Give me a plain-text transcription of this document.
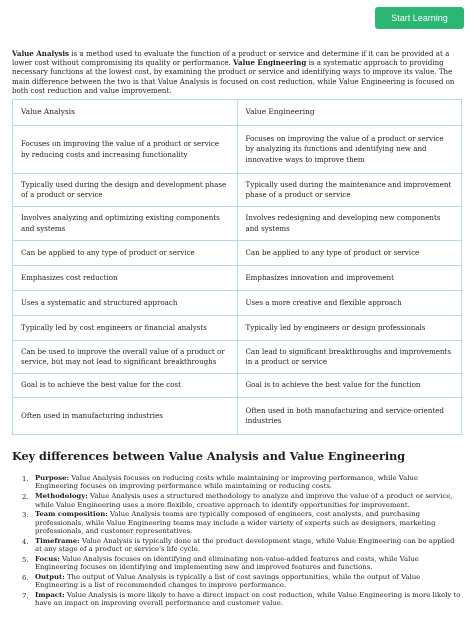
Start Learning

Value Analysis is a method used to evaluate the function of a product or service and determine if it can be provided at a lower cost without compromising its quality or performance. Value Engineering is a systematic approach to providing necessary functions at the lowest cost, by examining the product or service and identifying ways to improve its value. The main difference between the two is that Value Analysis is focused on cost reduction, while Value Engineering is focused on both cost reduction and value improvement.

Value Analysis	Value Engineering
Focuses on improving the value of a product or service by reducing costs and increasing functionality	Focuses on improving the value of a product or service by analyzing its functions and identifying new and innovative ways to improve them
Typically used during the design and development phase of a product or service	Typically used during the maintenance and improvement phase of a product or service
Involves analyzing and optimizing existing components and systems	Involves redesigning and developing new components and systems
Can be applied to any type of product or service	Can be applied to any type of product or service
Emphasizes cost reduction	Emphasizes innovation and improvement
Uses a systematic and structured approach	Uses a more creative and flexible approach
Typically led by cost engineers or financial analysts	Typically led by engineers or design professionals
Can be used to improve the overall value of a product or service, but may not lead to significant breakthroughs	Can lead to significant breakthroughs and improvements in a product or service
Goal is to achieve the best value for the cost	Goal is to achieve the best value for the function
Often used in manufacturing industries	Often used in both manufacturing and service-oriented industries
Key differences between Value Analysis and Value Engineering
1. Purpose: Value Analysis focuses on reducing costs while maintaining or improving performance, while Value Engineering focuses on improving performance while maintaining or reducing costs.
2. Methodology: Value Analysis uses a structured methodology to analyze and improve the value of a product or service, while Value Engineering uses a more flexible, creative approach to identify opportunities for improvement.
3. Team composition: Value Analysis teams are typically composed of engineers, cost analysts, and purchasing professionals, while Value Engineering teams may include a wider variety of experts such as designers, marketing professionals, and customer representatives.
4. Timeframe: Value Analysis is typically done at the product development stage, while Value Engineering can be applied at any stage of a product or service's life cycle.
5. Focus: Value Analysis focuses on identifying and eliminating non-value-added features and costs, while Value Engineering focuses on identifying and implementing new and improved features and functions.
6. Output: The output of Value Analysis is typically a list of cost savings opportunities, while the output of Value Engineering is a list of recommended changes to improve performance.
7. Impact: Value Analysis is more likely to have a direct impact on cost reduction, while Value Engineering is more likely to have an impact on improving overall performance and customer value.
